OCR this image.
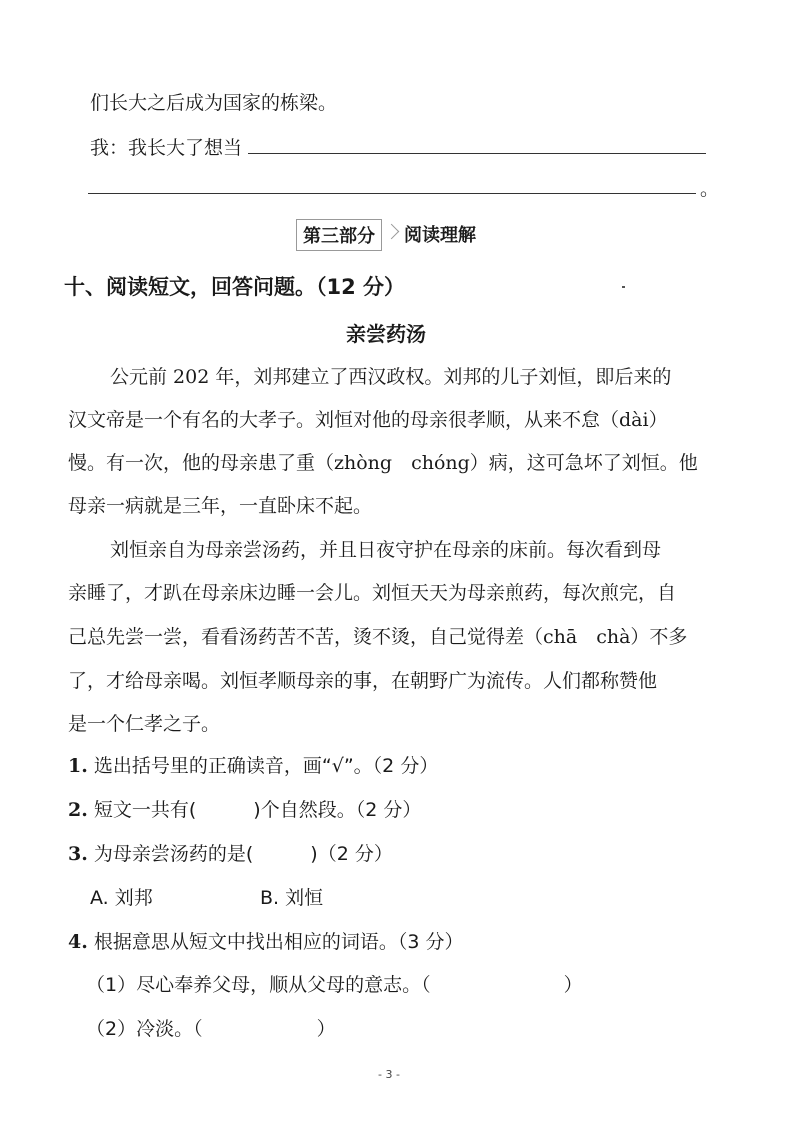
们长大之后成为国家的栋梁。
我：我长大了想当
。
第三部分	阅读理解
十、阅读短文，回答问题。（12 分）
亲尝药汤
公元前 202 年，刘邦建立了西汉政权。刘邦的儿子刘恒，即后来的
汉文帝是一个有名的大孝子。刘恒对他的母亲很孝顺，从来不怠（dài）
慢。有一次，他的母亲患了重（zhòng　chóng）病，这可急坏了刘恒。他
母亲一病就是三年，一直卧床不起。
刘恒亲自为母亲尝汤药，并且日夜守护在母亲的床前。每次看到母
亲睡了，才趴在母亲床边睡一会儿。刘恒天天为母亲煎药，每次煎完，自
己总先尝一尝，看看汤药苦不苦，烫不烫，自己觉得差（chā　chà）不多
了，才给母亲喝。刘恒孝顺母亲的事，在朝野广为流传。人们都称赞他
是一个仁孝之子。
1. 选出括号里的正确读音，画“√”。（2 分）
2. 短文一共有(　　　)个自然段。（2 分）
3. 为母亲尝汤药的是(　　　)（2 分）
A. 刘邦	B. 刘恒
4. 根据意思从短文中找出相应的词语。（3 分）
（1）尽心奉养父母，顺从父母的意志。（　　　　　　　）
（2）冷淡。（　　　　　　）
- 3 -
